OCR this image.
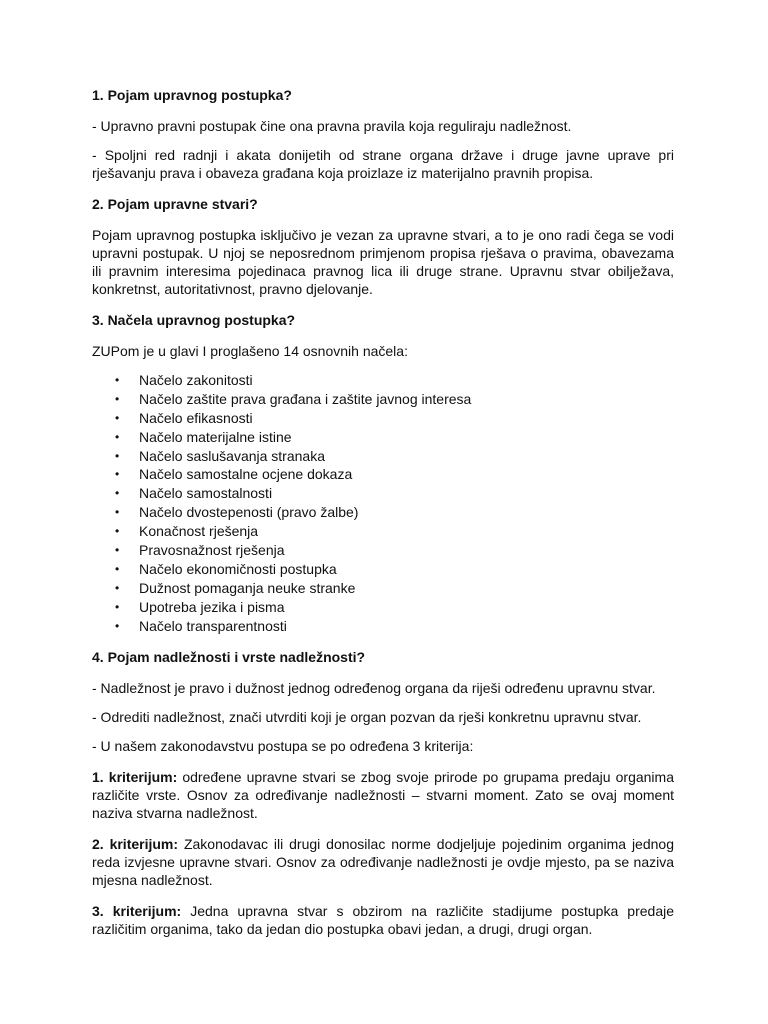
1. Pojam upravnog postupka?

- Upravno pravni postupak čine ona pravna pravila koja reguliraju nadležnost.

- Spoljni red radnji i akata donijetih od strane organa države i druge javne uprave pri rješavanju prava i obaveza građana koja proizlaze iz materijalno pravnih propisa.

2. Pojam upravne stvari?

Pojam upravnog postupka isključivo je vezan za upravne stvari, a to je ono radi čega se vodi upravni postupak. U njoj se neposrednom primjenom propisa rješava o pravima, obavezama ili pravnim interesima pojedinaca pravnog lica ili druge strane. Upravnu stvar obilježava, konkretnst, autoritativnost, pravno djelovanje.

3. Načela upravnog postupka?

ZUPom je u glavi I proglašeno 14 osnovnih načela:

• Načelo zakonitosti
• Načelo zaštite prava građana i zaštite javnog interesa
• Načelo efikasnosti
• Načelo materijalne istine
• Načelo saslušavanja stranaka
• Načelo samostalne ocjene dokaza
• Načelo samostalnosti
• Načelo dvostepenosti (pravo žalbe)
• Konačnost rješenja
• Pravosnažnost rješenja
• Načelo ekonomičnosti postupka
• Dužnost pomaganja neuke stranke
• Upotreba jezika i pisma
• Načelo transparentnosti
4. Pojam nadležnosti i vrste nadležnosti?

- Nadležnost je pravo i dužnost jednog određenog organa da riješi određenu upravnu stvar.

- Odrediti nadležnost, znači utvrditi koji je organ pozvan da rješi konkretnu upravnu stvar.

- U našem zakonodavstvu postupa se po određena 3 kriterija:

1. kriterijum: određene upravne stvari se zbog svoje prirode po grupama predaju organima različite vrste. Osnov za određivanje nadležnosti – stvarni moment. Zato se ovaj moment naziva stvarna nadležnost.

2. kriterijum: Zakonodavac ili drugi donosilac norme dodjeljuje pojedinim organima jednog reda izvjesne upravne stvari. Osnov za određivanje nadležnosti je ovdje mjesto, pa se naziva mjesna nadležnost.

3. kriterijum: Jedna upravna stvar s obzirom na različite stadijume postupka predaje različitim organima, tako da jedan dio postupka obavi jedan, a drugi, drugi organ.
